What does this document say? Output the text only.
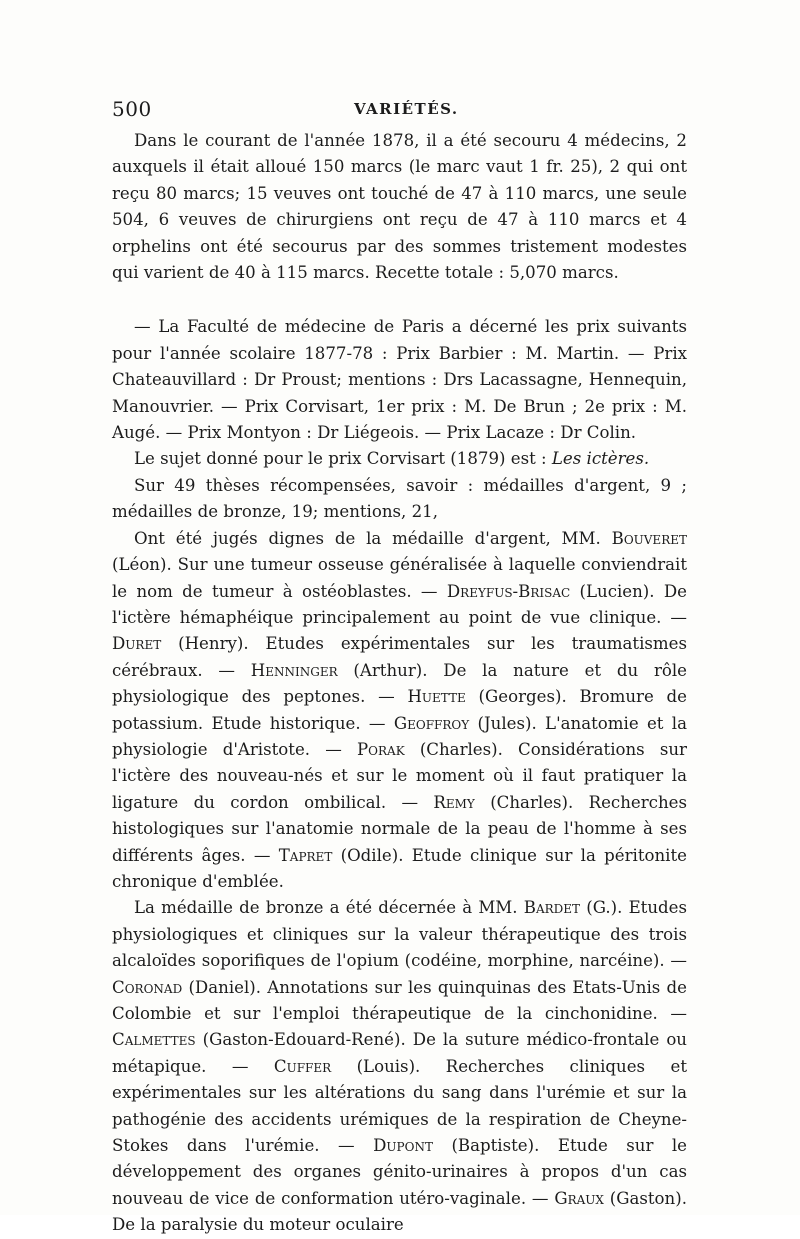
500	VARIÉTÉS.

Dans le courant de l'année 1878, il a été secouru 4 médecins, 2 auxquels il était alloué 150 marcs (le marc vaut 1 fr. 25), 2 qui ont reçu 80 marcs; 15 veuves ont touché de 47 à 110 marcs, une seule 504, 6 veuves de chirurgiens ont reçu de 47 à 110 marcs et 4 orphelins ont été secourus par des sommes tristement modestes qui varient de 40 à 115 marcs. Recette totale : 5,070 marcs.

— La Faculté de médecine de Paris a décerné les prix suivants pour l'année scolaire 1877-78 : Prix Barbier : M. Martin. — Prix Chateauvillard : Dr Proust; mentions : Drs Lacassagne, Hennequin, Manouvrier. — Prix Corvisart, 1er prix : M. De Brun ; 2e prix : M. Augé. — Prix Montyon : Dr Liégeois. — Prix Lacaze : Dr Colin.

Le sujet donné pour le prix Corvisart (1879) est : Les ictères.

Sur 49 thèses récompensées, savoir : médailles d'argent, 9 ; médailles de bronze, 19; mentions, 21,

Ont été jugés dignes de la médaille d'argent, MM. Bouveret (Léon). Sur une tumeur osseuse généralisée à laquelle conviendrait le nom de tumeur à ostéoblastes. — Dreyfus-Brisac (Lucien). De l'ictère hémaphéique principalement au point de vue clinique. — Duret (Henry). Etudes expérimentales sur les traumatismes cérébraux. — Henninger (Arthur). De la nature et du rôle physiologique des peptones. — Huette (Georges). Bromure de potassium. Etude historique. — Geoffroy (Jules). L'anatomie et la physiologie d'Aristote. — Porak (Charles). Considérations sur l'ictère des nouveau-nés et sur le moment où il faut pratiquer la ligature du cordon ombilical. — Remy (Charles). Recherches histologiques sur l'anatomie normale de la peau de l'homme à ses différents âges. — Tapret (Odile). Etude clinique sur la péritonite chronique d'emblée.

La médaille de bronze a été décernée à MM. Bardet (G.). Etudes physiologiques et cliniques sur la valeur thérapeutique des trois alcaloïdes soporifiques de l'opium (codéine, morphine, narcéine). — Coronad (Daniel). Annotations sur les quinquinas des Etats-Unis de Colombie et sur l'emploi thérapeutique de la cinchonidine. — Calmettes (Gaston-Edouard-René). De la suture médico-frontale ou métapique. — Cuffer (Louis). Recherches cliniques et expérimentales sur les altérations du sang dans l'urémie et sur la pathogénie des accidents urémiques de la respiration de Cheyne-Stokes dans l'urémie. — Dupont (Baptiste). Etude sur le développement des organes génito-urinaires à propos d'un cas nouveau de vice de conformation utéro-vaginale. — Graux (Gaston). De la paralysie du moteur oculaire
